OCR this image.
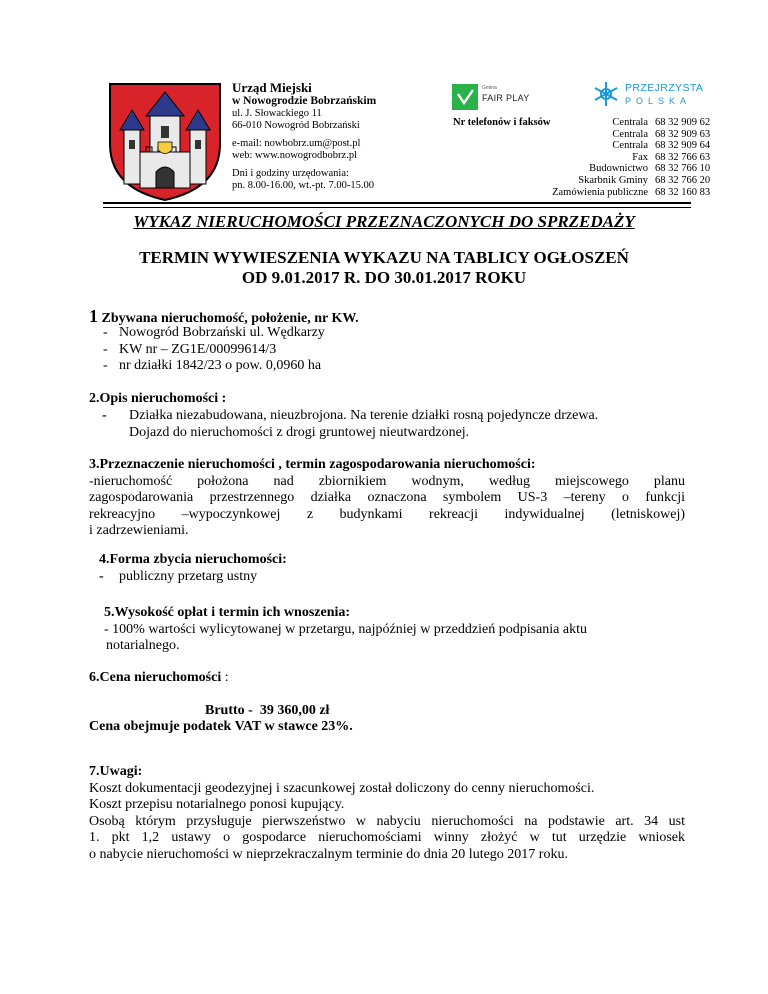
Urząd Miejski
w Nowogrodzie Bobrzańskim
ul. J. Słowackiego 11
66-010 Nowogród Bobrzański
e-mail: nowbobrz.um@post.pl
web: www.nowogrodbobrz.pl
Dni i godziny urzędowania:
pn. 8.00-16.00, wt.-pt. 7.00-15.00
Gmina
FAIR PLAY
PRZEJRZYSTA
POLSKA
Nr telefonów i faksów	Centrala	68 32 909 62
Centrala	68 32 909 63
Centrala	68 32 909 64
Fax	68 32 766 63
Budownictwo	68 32 766 10
Skarbnik Gminy	68 32 766 20
Zamówienia publiczne	68 32 160 83
WYKAZ NIERUCHOMOŚCI PRZEZNACZONYCH DO SPRZEDAŻY
TERMIN WYWIESZENIA WYKAZU NA TABLICY OGŁOSZEŃ
OD 9.01.2017 R. DO 30.01.2017 ROKU
1 Zbywana nieruchomość, położenie, nr KW.
- Nowogród Bobrzański ul. Wędkarzy
- KW nr – ZG1E/00099614/3
- nr działki 1842/23 o pow. 0,0960 ha
2.Opis nieruchomości :
- Działka niezabudowana, nieuzbrojona. Na terenie działki rosną pojedyncze drzewa.
Dojazd do nieruchomości z drogi gruntowej nieutwardzonej.
3.Przeznaczenie nieruchomości , termin zagospodarowania nieruchomości:
-nieruchomość położona nad zbiornikiem wodnym, według miejscowego planu
zagospodarowania przestrzennego działka oznaczona symbolem US-3 –tereny o funkcji
rekreacyjno –wypoczynkowej z budynkami rekreacji indywidualnej (letniskowej)
i zadrzewieniami.
4.Forma zbycia nieruchomości:
- publiczny przetarg ustny
5.Wysokość opłat i termin ich wnoszenia:
- 100% wartości wylicytowanej w przetargu, najpóźniej w przeddzień podpisania aktu
notarialnego.
6.Cena nieruchomości :
Brutto -  39 360,00 zł
Cena obejmuje podatek VAT w stawce 23%.
7.Uwagi:
Koszt dokumentacji geodezyjnej i szacunkowej został doliczony do cenny nieruchomości.
Koszt przepisu notarialnego ponosi kupujący.
Osobą którym przysługuje pierwszeństwo w nabyciu nieruchomości na podstawie art. 34 ust
1. pkt 1,2 ustawy o gospodarce nieruchomościami winny złożyć w tut urzędzie wniosek
o nabycie nieruchomości w nieprzekraczalnym terminie do dnia 20 lutego 2017 roku.
